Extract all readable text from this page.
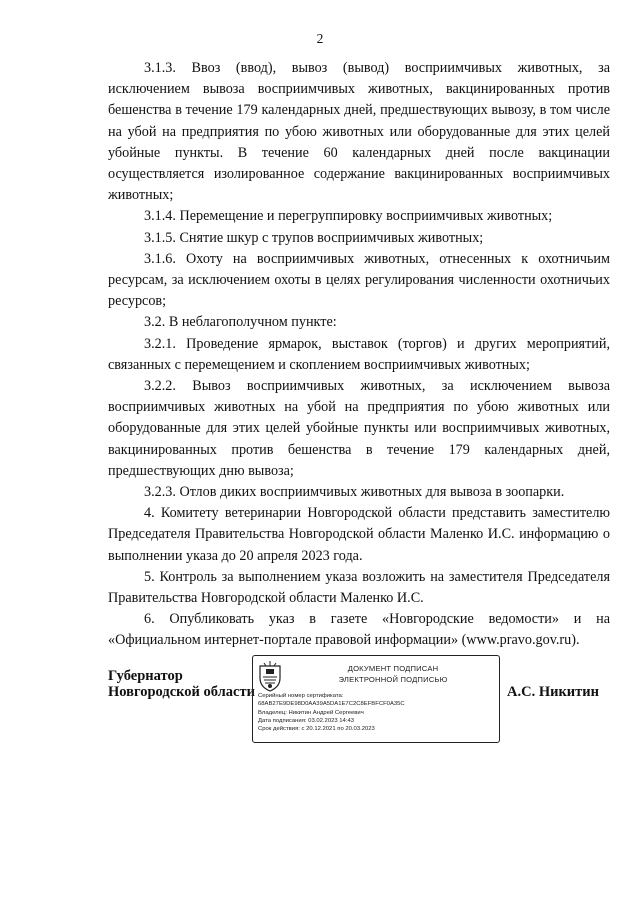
2

3.1.3. Ввоз (ввод), вывоз (вывод) восприимчивых животных, за исключением вывоза восприимчивых животных, вакцинированных против бешенства в течение 179 календарных дней, предшествующих вывозу, в том числе на убой на предприятия по убою животных или оборудованные для этих целей убойные пункты. В течение 60 календарных дней после вакцинации осуществляется изолированное содержание вакцинированных восприимчивых животных;

3.1.4. Перемещение и перегруппировку восприимчивых животных;

3.1.5. Снятие шкур с трупов восприимчивых животных;

3.1.6. Охоту на восприимчивых животных, отнесенных к охотничьим ресурсам, за исключением охоты в целях регулирования численности охотничьих ресурсов;

3.2. В неблагополучном пункте:

3.2.1. Проведение ярмарок, выставок (торгов) и других мероприятий, связанных с перемещением и скоплением восприимчивых животных;

3.2.2. Вывоз восприимчивых животных, за исключением вывоза восприимчивых животных на убой на предприятия по убою животных или оборудованные для этих целей убойные пункты или восприимчивых животных, вакцинированных против бешенства в течение 179 календарных дней, предшествующих дню вывоза;

3.2.3. Отлов диких восприимчивых животных для вывоза в зоопарки.

4. Комитету ветеринарии Новгородской области представить заместителю Председателя Правительства Новгородской области Маленко И.С. информацию о выполнении указа до 20 апреля 2023 года.

5. Контроль за выполнением указа возложить на заместителя Председателя Правительства Новгородской области Маленко И.С.

6. Опубликовать указ в газете «Новгородские ведомости» и на «Официальном интернет-портале правовой информации» (www.pravo.gov.ru).

Губернатор
Новгородской области
ДОКУМЕНТ ПОДПИСАН
ЭЛЕКТРОННОЙ ПОДПИСЬЮ
Серийный номер сертификата:
68AB27E9DE98D0AA39A5DA1E7C2C8EFBFCF0A35C
Владелец: Никитин Андрей Сергеевич
Дата подписания: 03.02.2023 14:43
Срок действия: с 20.12.2021 по 20.03.2023
А.С. Никитин
